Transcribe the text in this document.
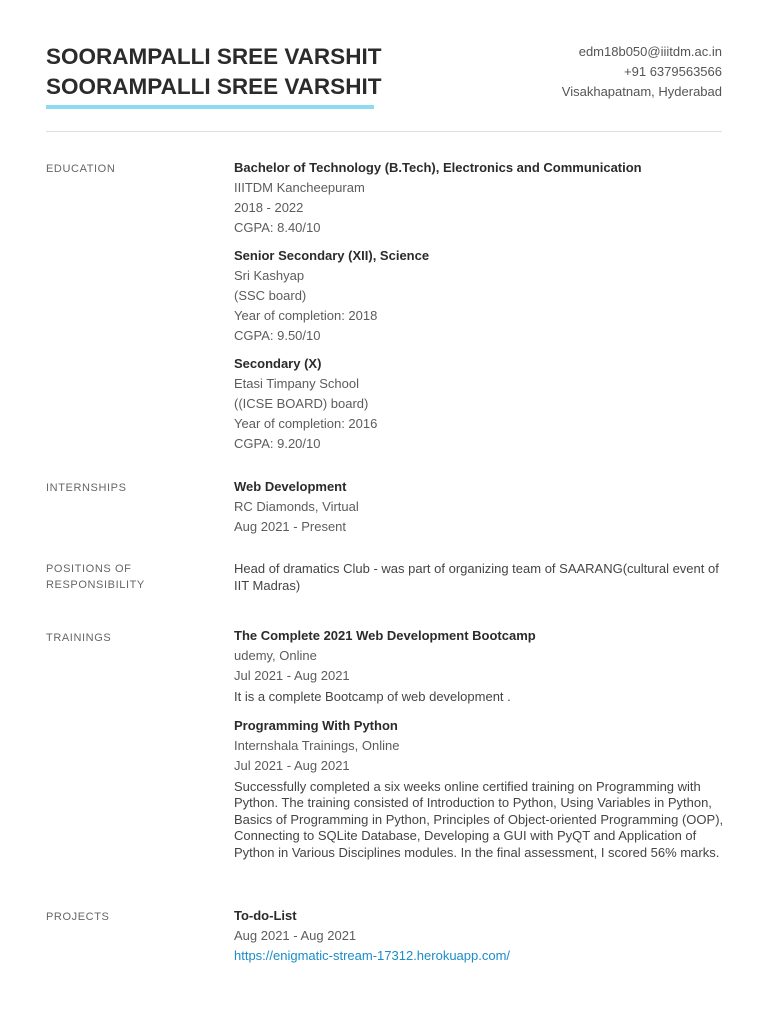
SOORAMPALLI SREE VARSHIT
SOORAMPALLI SREE VARSHIT
edm18b050@iiitdm.ac.in
+91 6379563566
Visakhapatnam, Hyderabad
EDUCATION	Bachelor of Technology (B.Tech), Electronics and Communication
IIITDM Kancheepuram
2018 - 2022
CGPA: 8.40/10
Senior Secondary (XII), Science
Sri Kashyap
(SSC board)
Year of completion: 2018
CGPA: 9.50/10
Secondary (X)
Etasi Timpany School
((ICSE BOARD) board)
Year of completion: 2016
CGPA: 9.20/10
INTERNSHIPS	Web Development
RC Diamonds, Virtual
Aug 2021 - Present
POSITIONS OF
RESPONSIBILITY
Head of dramatics Club - was part of organizing team of SAARANG(cultural event of IIT Madras)
TRAININGS	The Complete 2021 Web Development Bootcamp
udemy, Online
Jul 2021 - Aug 2021
It is a complete Bootcamp of web development .
Programming With Python
Internshala Trainings, Online
Jul 2021 - Aug 2021
Successfully completed a six weeks online certified training on Programming with Python. The training consisted of Introduction to Python, Using Variables in Python, Basics of Programming in Python, Principles of Object-oriented Programming (OOP), Connecting to SQLite Database, Developing a GUI with PyQT and Application of Python in Various Disciplines modules. In the final assessment, I scored 56% marks.
PROJECTS	To-do-List
Aug 2021 - Aug 2021
https://enigmatic-stream-17312.herokuapp.com/
